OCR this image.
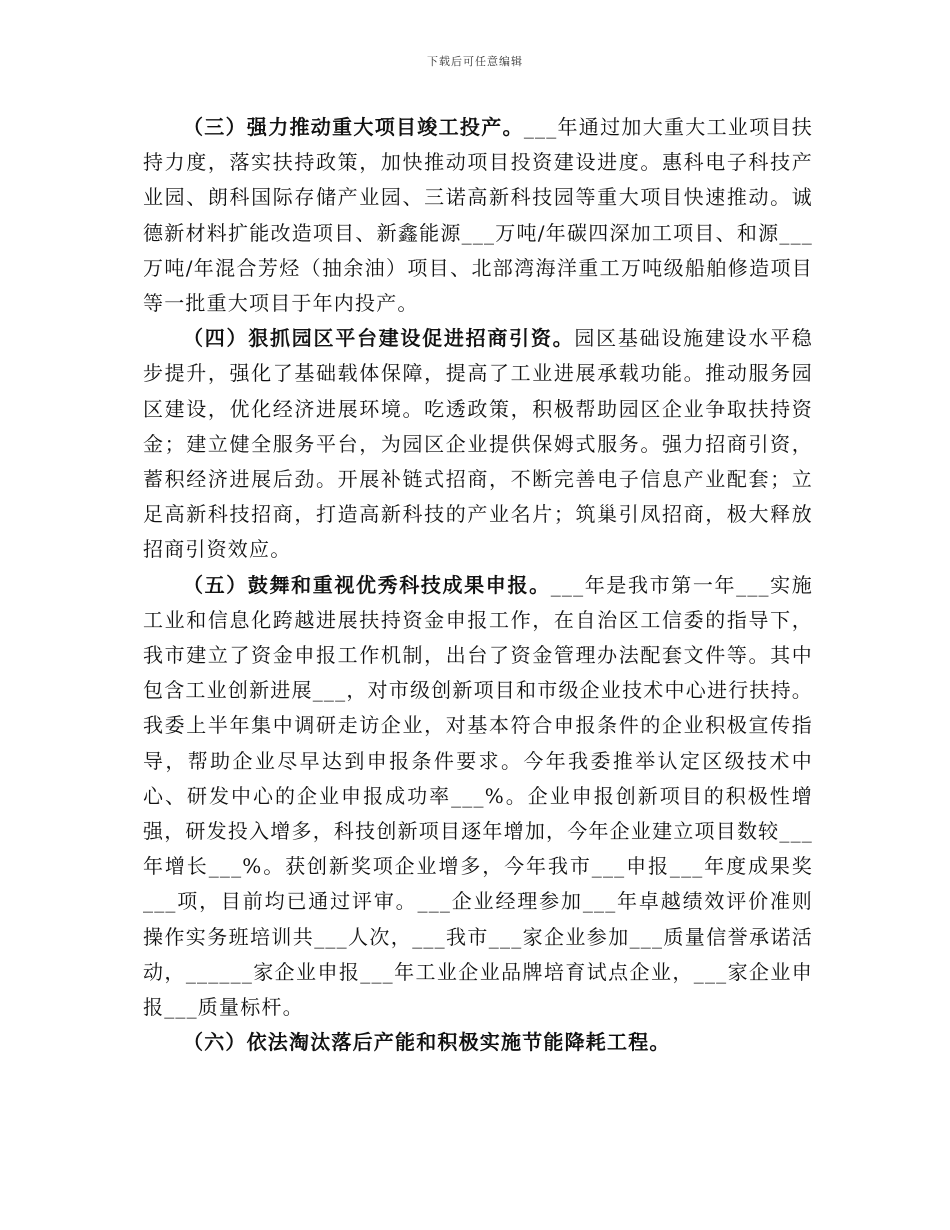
下载后可任意编辑

（三）强力推动重大项目竣工投产。___年通过加大重大工业项目扶持力度，落实扶持政策，加快推动项目投资建设进度。惠科电子科技产业园、朗科国际存储产业园、三诺高新科技园等重大项目快速推动。诚德新材料扩能改造项目、新鑫能源___万吨/年碳四深加工项目、和源___万吨/年混合芳烃（抽余油）项目、北部湾海洋重工万吨级船舶修造项目等一批重大项目于年内投产。

（四）狠抓园区平台建设促进招商引资。园区基础设施建设水平稳步提升，强化了基础载体保障，提高了工业进展承载功能。推动服务园区建设，优化经济进展环境。吃透政策，积极帮助园区企业争取扶持资金；建立健全服务平台，为园区企业提供保姆式服务。强力招商引资，蓄积经济进展后劲。开展补链式招商，不断完善电子信息产业配套；立足高新科技招商，打造高新科技的产业名片；筑巢引凤招商，极大释放招商引资效应。

（五）鼓舞和重视优秀科技成果申报。___年是我市第一年___实施工业和信息化跨越进展扶持资金申报工作，在自治区工信委的指导下，我市建立了资金申报工作机制，出台了资金管理办法配套文件等。其中包含工业创新进展___，对市级创新项目和市级企业技术中心进行扶持。我委上半年集中调研走访企业，对基本符合申报条件的企业积极宣传指导，帮助企业尽早达到申报条件要求。今年我委推举认定区级技术中心、研发中心的企业申报成功率___%。企业申报创新项目的积极性增强，研发投入增多，科技创新项目逐年增加，今年企业建立项目数较___年增长___%。获创新奖项企业增多，今年我市___申报___年度成果奖___项，目前均已通过评审。___企业经理参加___年卓越绩效评价准则操作实务班培训共___人次，___我市___家企业参加___质量信誉承诺活动，______家企业申报___年工业企业品牌培育试点企业，___家企业申报___质量标杆。

（六）依法淘汰落后产能和积极实施节能降耗工程。
